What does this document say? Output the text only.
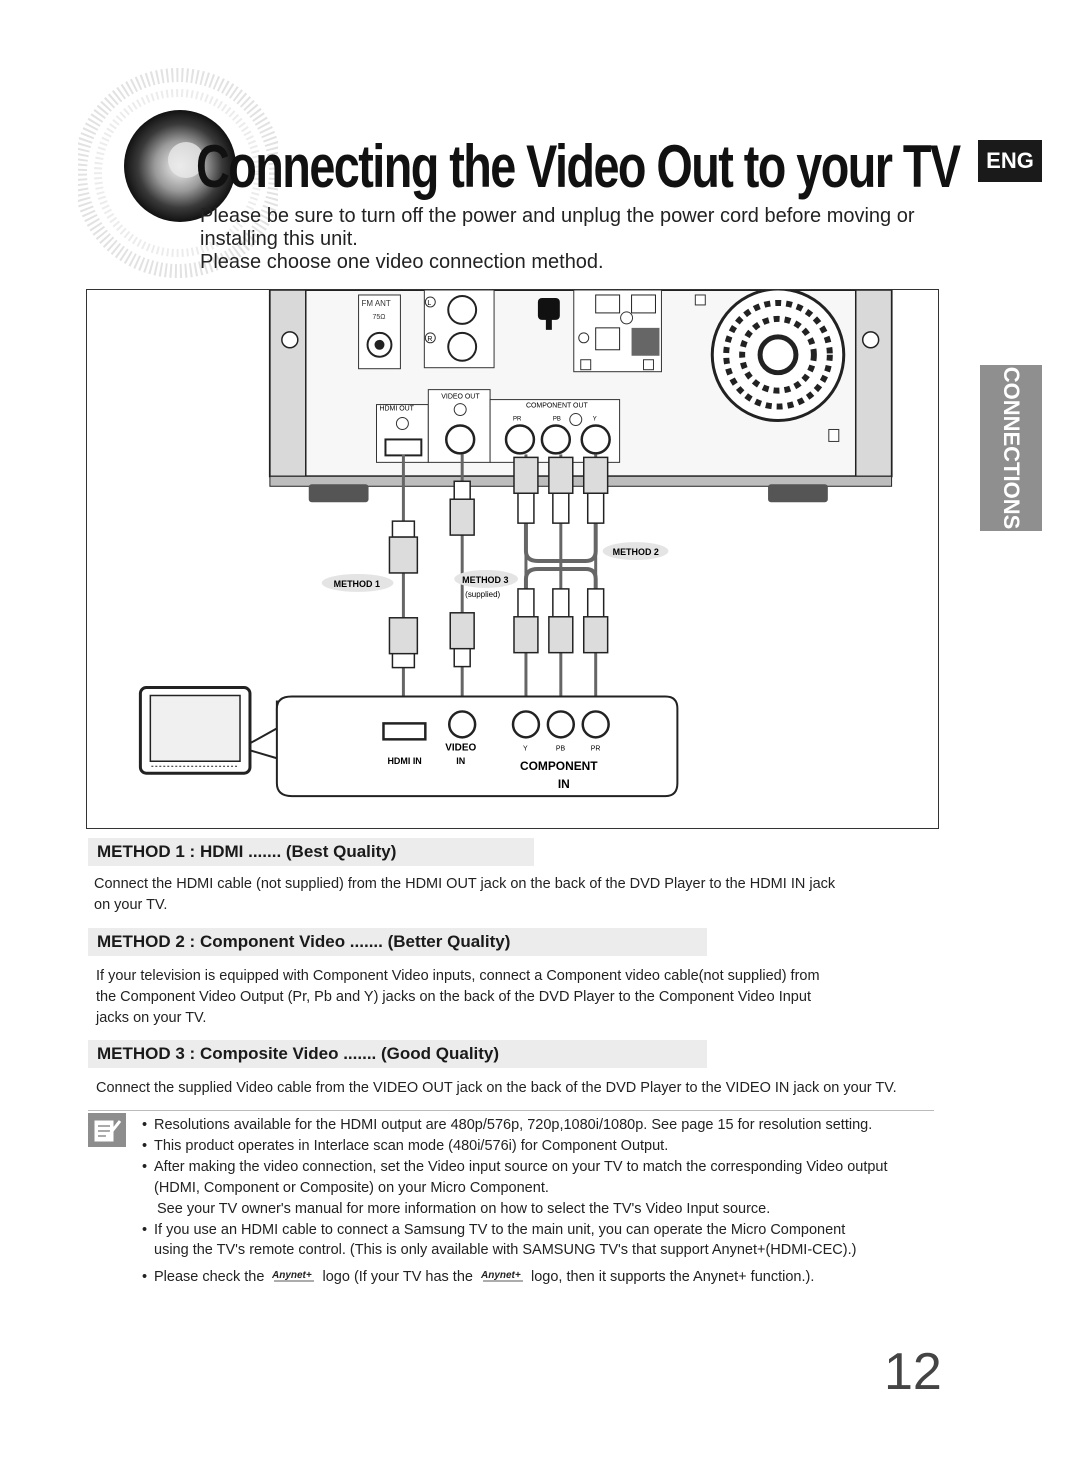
Connecting the Video Out to your TV
Please be sure to turn off the power and unplug the power cord before moving or
installing this unit.
Please choose one video connection method.
ENG
CONNECTIONS
FM ANT
75Ω
L
R
HDMI OUT
VIDEO OUT
COMPONENT OUT
PR	PB	Y
METHOD 1
METHOD 2
METHOD 3
(supplied)
HDMI IN
VIDEO
IN
Y	PB	PR
COMPONENT
IN
METHOD 1 : HDMI ....... (Best Quality)
Connect the HDMI cable (not supplied) from the HDMI OUT jack on the back of the DVD Player to the HDMI IN jack
on your TV.
METHOD 2 : Component Video ....... (Better Quality)
If your television is equipped with Component Video inputs, connect a Component video cable(not supplied) from
the Component Video Output (Pr, Pb and Y) jacks on the back of the DVD Player to the Component Video Input
jacks on your TV.
METHOD 3 : Composite Video ....... (Good Quality)
Connect the supplied Video cable from the VIDEO OUT jack on the back of the DVD Player to the VIDEO IN jack on your TV.
• Resolutions available for the HDMI output are 480p/576p, 720p,1080i/1080p. See page 15 for resolution setting.
• This product operates in Interlace scan mode (480i/576i) for Component Output.
• After making the video connection, set the Video input source on your TV to match the corresponding Video output
(HDMI, Component or Composite) on your Micro Component.
See your TV owner's manual for more information on how to select the TV's Video Input source.
• If you use an HDMI cable to connect a Samsung TV to the main unit, you can operate the Micro Component
using the TV's remote control. (This is only available with SAMSUNG TV's that support Anynet+(HDMI-CEC).)
• Please check the Anynet+ logo (If your TV has the Anynet+ logo, then it supports the Anynet+ function.).
12
